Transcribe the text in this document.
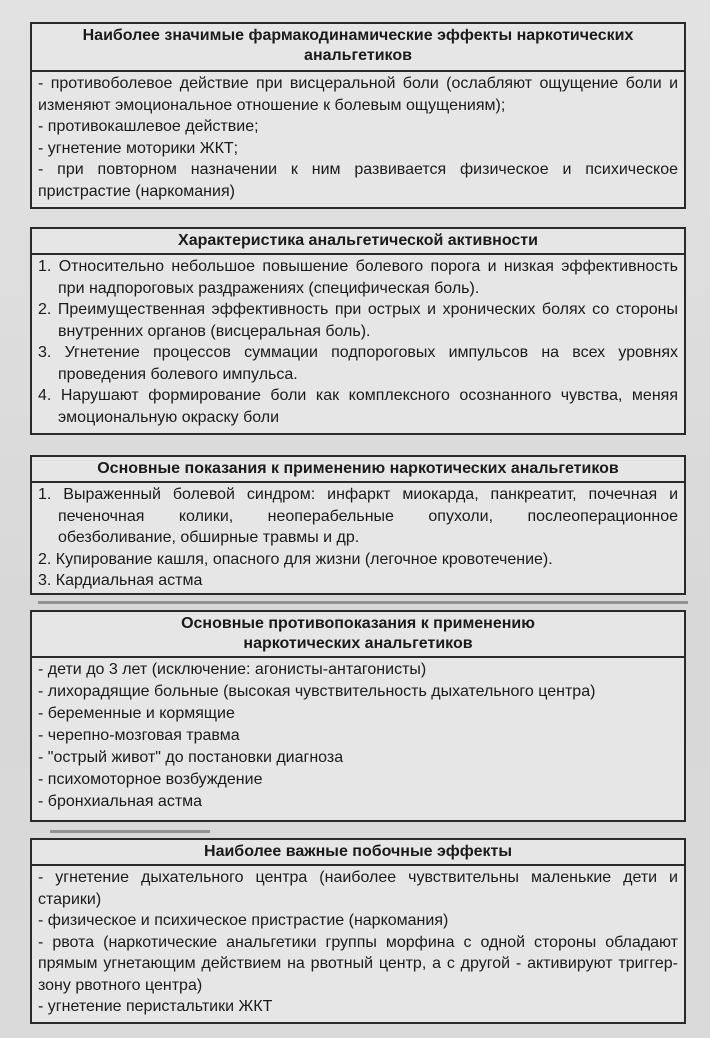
Наиболее значимые фармакодинамические эффекты наркотических
анальгетиков

- противоболевое действие при висцеральной боли (ослабляют ощущение боли и изменяют эмоциональное отношение к болевым ощущениям);

- противокашлевое действие;

- угнетение моторики ЖКТ;

- при повторном назначении к ним развивается физическое и психическое пристрастие (наркомания)

Характеристика анальгетической активности

1. Относительно небольшое повышение болевого порога и низкая эффективность при надпороговых раздражениях (специфическая боль).

2. Преимущественная эффективность при острых и хронических болях со стороны внутренних органов (висцеральная боль).

3. Угнетение процессов суммации подпороговых импульсов на всех уровнях проведения болевого импульса.

4. Нарушают формирование боли как комплексного осознанного чувства, меняя эмоциональную окраску боли

Основные показания к применению наркотических анальгетиков

1. Выраженный болевой синдром: инфаркт миокарда, панкреатит, почечная и печеночная колики, неоперабельные опухоли, послеоперационное обезболивание, обширные травмы и др.

2. Купирование кашля, опасного для жизни (легочное кровотечение).

3. Кардиальная астма

Основные противопоказания к применению
наркотических анальгетиков

- дети до 3 лет (исключение: агонисты-антагонисты)

- лихорадящие больные (высокая чувствительность дыхательного центра)

- беременные и кормящие

- черепно-мозговая травма

- "острый живот" до постановки диагноза

- психомоторное возбуждение

- бронхиальная астма

Наиболее важные побочные эффекты

- угнетение дыхательного центра (наиболее чувствительны маленькие дети и старики)

- физическое и психическое пристрастие (наркомания)

- рвота (наркотические анальгетики группы морфина с одной стороны обладают прямым угнетающим действием на рвотный центр, а с другой - активируют триггер-зону рвотного центра)

- угнетение перистальтики ЖКТ
